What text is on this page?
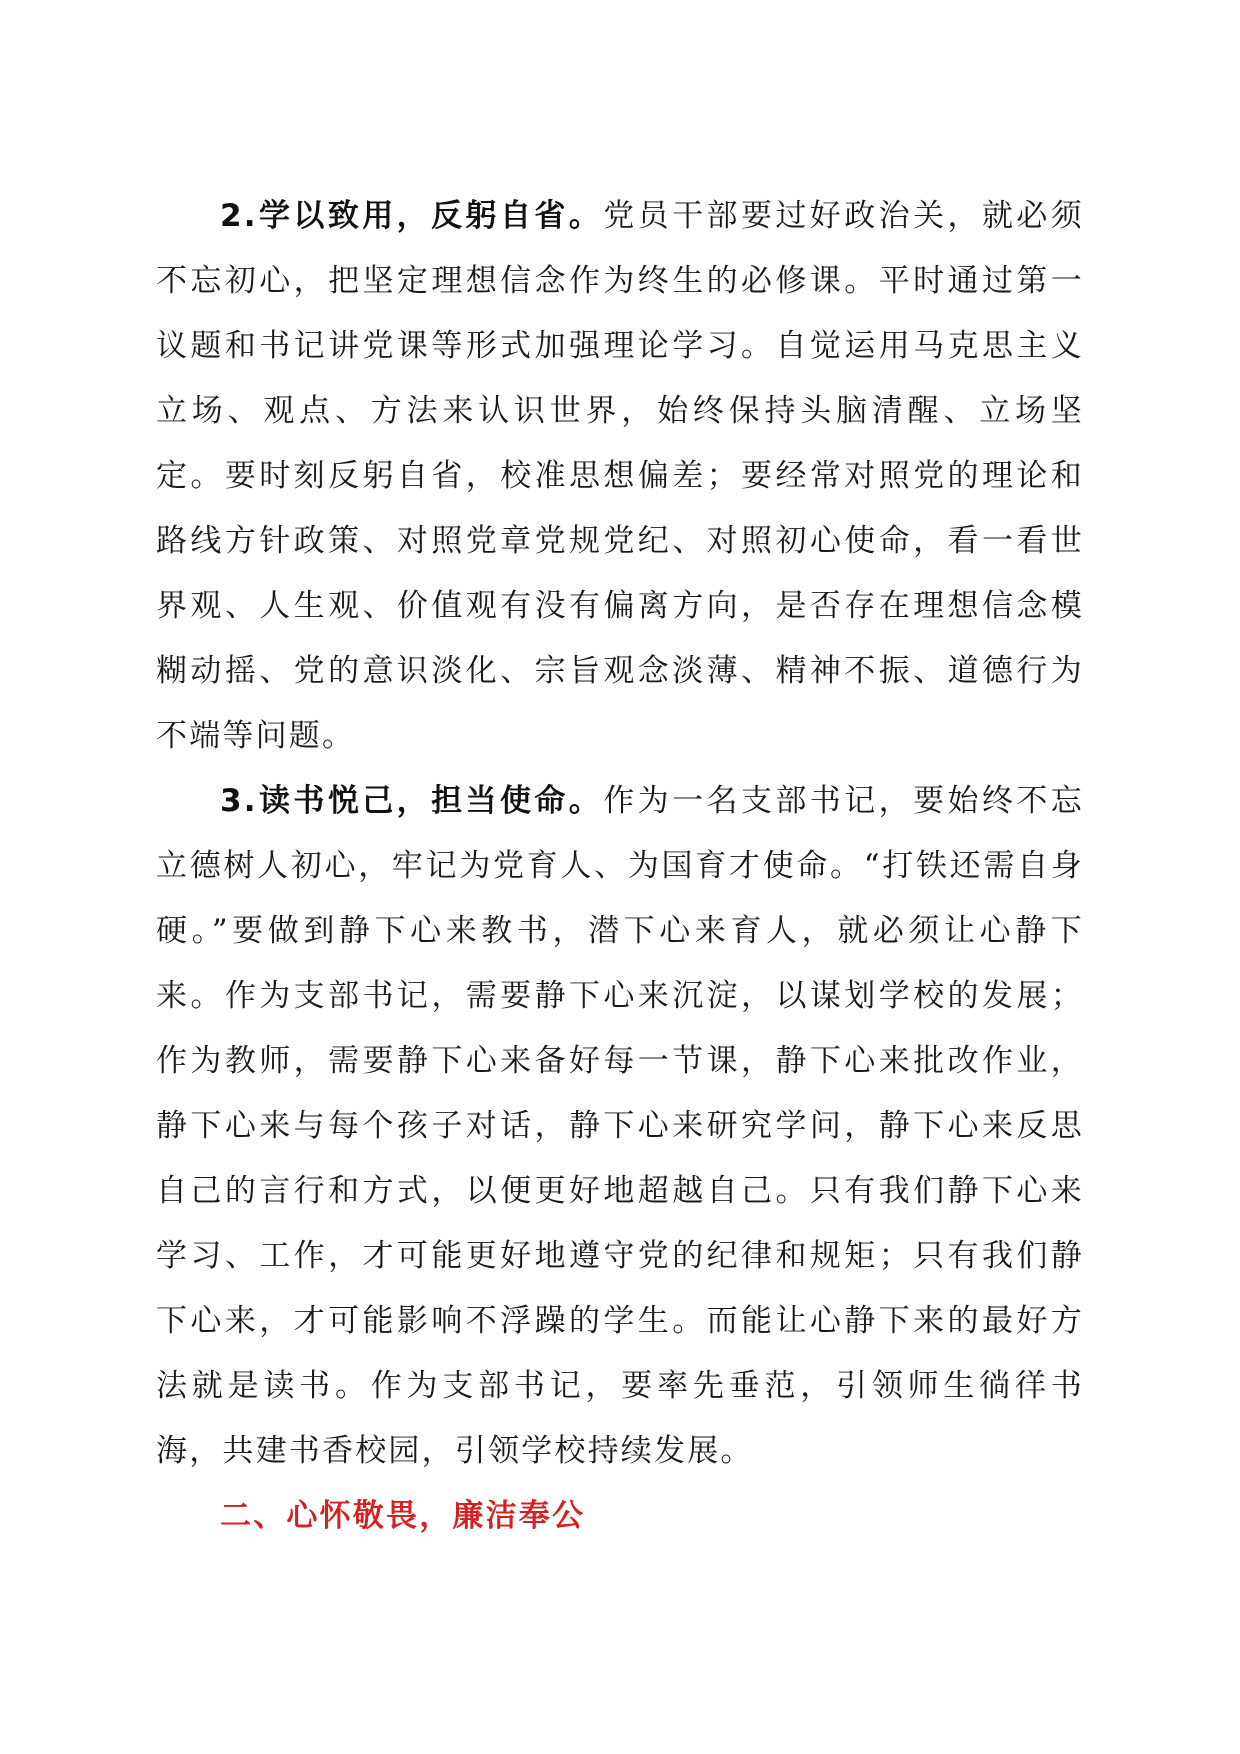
2.学以致用，反躬自省。党员干部要过好政治关，就必须不忘初心，把坚定理想信念作为终生的必修课。平时通过第一议题和书记讲党课等形式加强理论学习。自觉运用马克思主义立场、观点、方法来认识世界，始终保持头脑清醒、立场坚定。要时刻反躬自省，校准思想偏差；要经常对照党的理论和路线方针政策、对照党章党规党纪、对照初心使命，看一看世界观、人生观、价值观有没有偏离方向，是否存在理想信念模糊动摇、党的意识淡化、宗旨观念淡薄、精神不振、道德行为不端等问题。

3.读书悦己，担当使命。作为一名支部书记，要始终不忘立德树人初心，牢记为党育人、为国育才使命。“打铁还需自身硬。”要做到静下心来教书，潜下心来育人，就必须让心静下来。作为支部书记，需要静下心来沉淀，以谋划学校的发展；作为教师，需要静下心来备好每一节课，静下心来批改作业，静下心来与每个孩子对话，静下心来研究学问，静下心来反思自己的言行和方式，以便更好地超越自己。只有我们静下心来学习、工作，才可能更好地遵守党的纪律和规矩；只有我们静下心来，才可能影响不浮躁的学生。而能让心静下来的最好方法就是读书。作为支部书记，要率先垂范，引领师生徜徉书海，共建书香校园，引领学校持续发展。

二、心怀敬畏，廉洁奉公
